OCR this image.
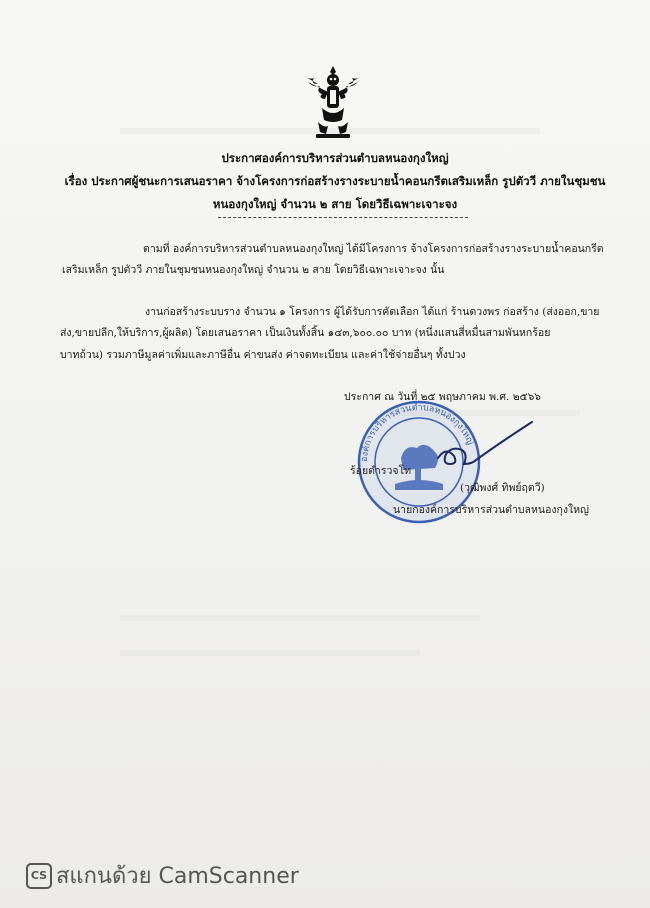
ประกาศองค์การบริหารส่วนตำบลหนองกุงใหญ่
เรื่อง ประกาศผู้ชนะการเสนอราคา จ้างโครงการก่อสร้างรางระบายน้ำคอนกรีตเสริมเหล็ก รูปตัววี ภายในชุมชน
หนองกุงใหญ่ จำนวน ๒ สาย โดยวิธีเฉพาะเจาะจง
ตามที่ องค์การบริหารส่วนตำบลหนองกุงใหญ่ ได้มีโครงการ จ้างโครงการก่อสร้างรางระบายน้ำคอนกรีต
เสริมเหล็ก รูปตัววี ภายในชุมชนหนองกุงใหญ่ จำนวน ๒ สาย โดยวิธีเฉพาะเจาะจง นั้น
งานก่อสร้างระบบราง จำนวน ๑ โครงการ ผู้ได้รับการคัดเลือก ได้แก่ ร้านดวงพร ก่อสร้าง (ส่งออก,ขาย
ส่ง,ขายปลีก,ให้บริการ,ผู้ผลิต) โดยเสนอราคา เป็นเงินทั้งสิ้น ๑๔๓,๖๐๐.๐๐ บาท (หนึ่งแสนสี่หมื่นสามพันหกร้อย
บาทถ้วน) รวมภาษีมูลค่าเพิ่มและภาษีอื่น ค่าขนส่ง ค่าจดทะเบียน และค่าใช้จ่ายอื่นๆ ทั้งปวง
องค์การบริหารส่วนตำบลหนองกุงใหญ่
ประกาศ ณ วันที่ ๒๕ พฤษภาคม พ.ศ. ๒๕๖๖
ร้อยตำรวจโท
(วุฒิพงศ์ ทิพย์ฤตวี)
นายกองค์การบริหารส่วนตำบลหนองกุงใหญ่
CS สแกนด้วย CamScanner
